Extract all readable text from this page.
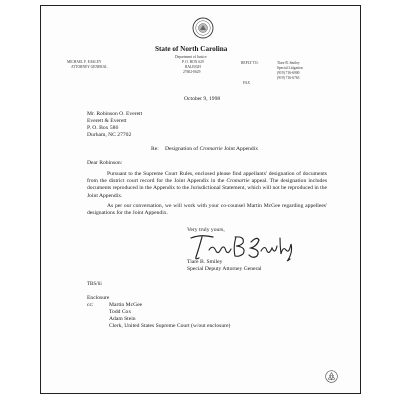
MICHAEL F. EASLEY
ATTORNEY GENERAL
State of North Carolina
Department of Justice
P. O. BOX 629
RALEIGH
27602-0629
REPLY TO:
FAX
Tiare B. Smiley
Special Litigation
(919) 716-6900
(919) 716-6763
October 9, 1998
Mr. Robinson O. Everett
Everett & Everett
P. O. Box 586
Durham, NC 27702
Re: Designation of Cromartie Joint Appendix
Dear Robinson:
Pursuant to the Supreme Court Rules, enclosed please find appellants' designation of documents from the district court record for the Joint Appendix in the Cromartie appeal. The designation includes documents reproduced in the Appendix to the Jurisdictional Statement, which will not be reproduced in the Joint Appendix.
As per our conversation, we will work with your co-counsel Martin McGee regarding appellees' designations for the Joint Appendix.
Very truly yours,
Tiare B. Smiley
Special Deputy Attorney General
TBS/lii
Enclosure
cc:	Martin McGee
Todd Cox
Adam Stein
Clerk, United States Supreme Court (w/out enclosure)
